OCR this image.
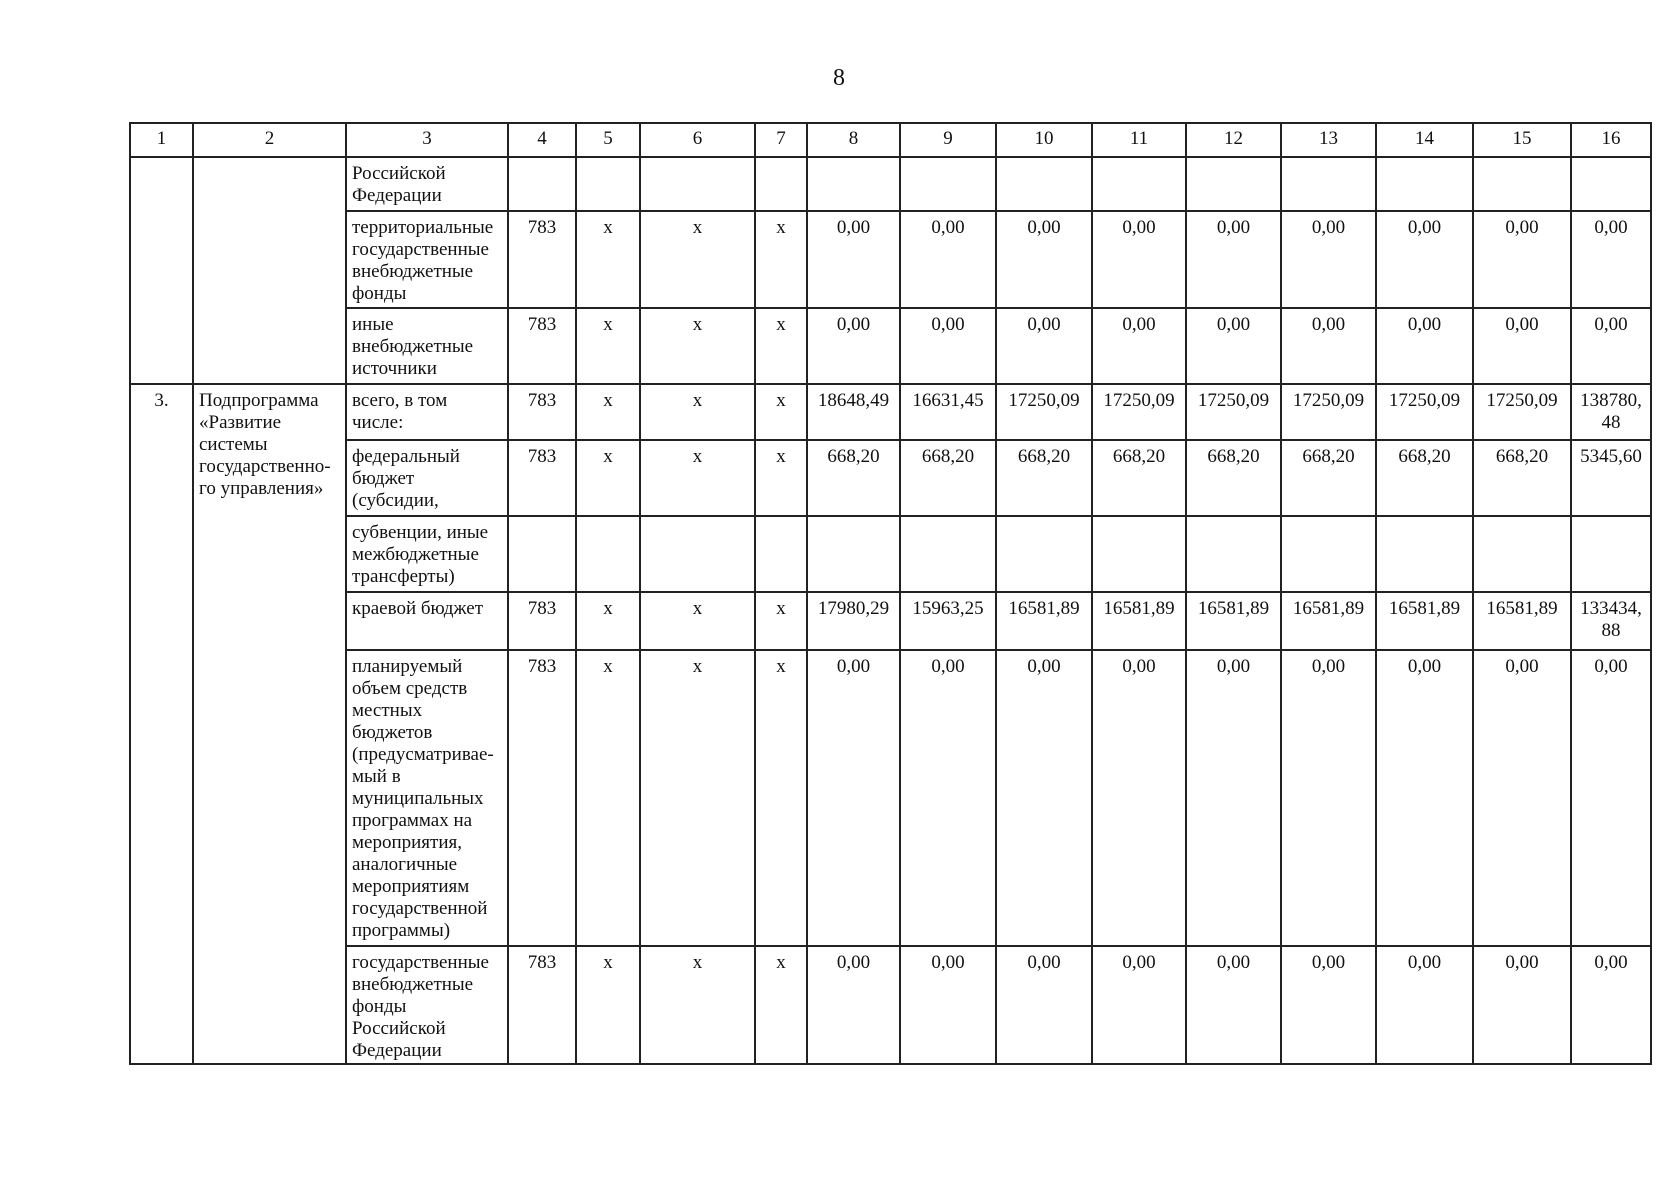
8
1	2	3	4	5	6	7	8	9	10	11	12	13	14	15	16
		Российской Федерации													
		территориальные государственные внебюджетные фонды	783	х	х	х	0,00	0,00	0,00	0,00	0,00	0,00	0,00	0,00	0,00
		иные внебюджетные источники	783	х	х	х	0,00	0,00	0,00	0,00	0,00	0,00	0,00	0,00	0,00
3.	Подпрограмма «Развитие системы государственно-го управления»	всего, в том числе:	783	х	х	х	18648,49	16631,45	17250,09	17250,09	17250,09	17250,09	17250,09	17250,09	138780, 48
		федеральный бюджет (субсидии,	783	х	х	х	668,20	668,20	668,20	668,20	668,20	668,20	668,20	668,20	5345,60
		субвенции, иные межбюджетные трансферты)													
		краевой бюджет	783	х	х	х	17980,29	15963,25	16581,89	16581,89	16581,89	16581,89	16581,89	16581,89	133434, 88
		планируемый объем средств местных бюджетов (предусматривае-мый в муниципальных программах на мероприятия, аналогичные мероприятиям государственной программы)	783	х	х	х	0,00	0,00	0,00	0,00	0,00	0,00	0,00	0,00	0,00
		государственные внебюджетные фонды Российской Федерации	783	х	х	х	0,00	0,00	0,00	0,00	0,00	0,00	0,00	0,00	0,00
